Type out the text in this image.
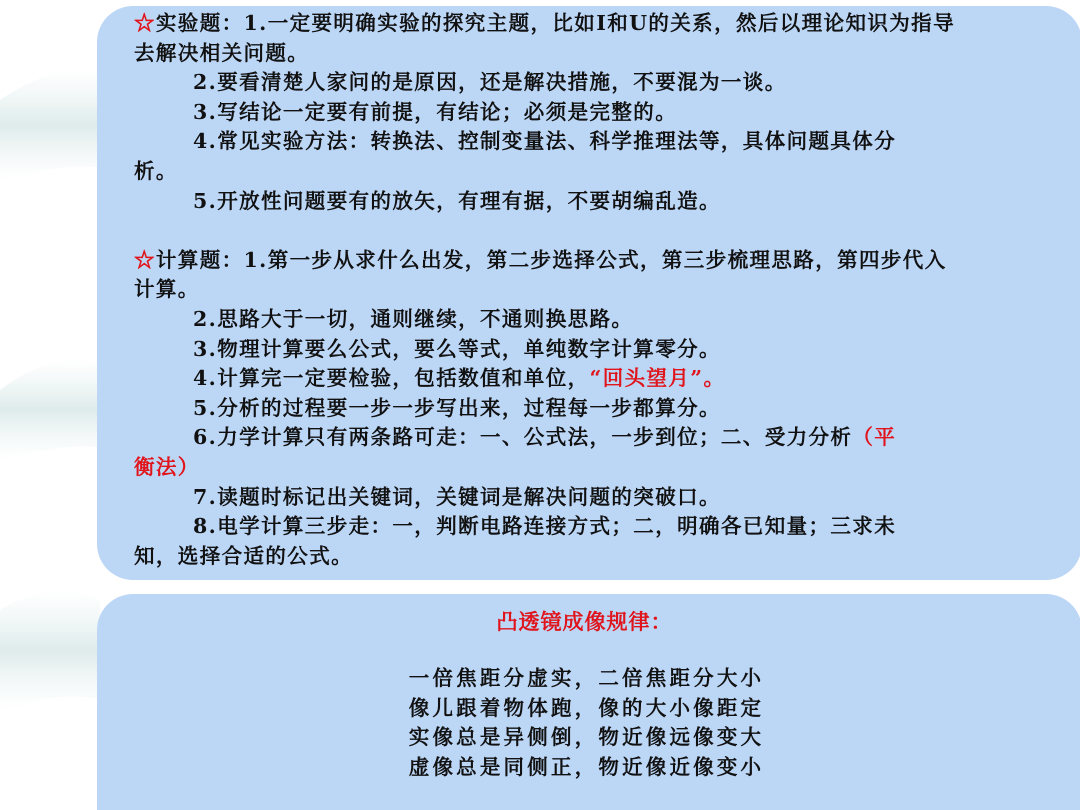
☆实验题：1.一定要明确实验的探究主题，比如I和U的关系，然后以理论知识为指导

去解决相关问题。

2.要看清楚人家问的是原因，还是解决措施，不要混为一谈。

3.写结论一定要有前提，有结论；必须是完整的。

4.常见实验方法：转换法、控制变量法、科学推理法等，具体问题具体分

析。

5.开放性问题要有的放矢，有理有据，不要胡编乱造。

☆计算题：1.第一步从求什么出发，第二步选择公式，第三步梳理思路，第四步代入

计算。

2.思路大于一切，通则继续，不通则换思路。

3.物理计算要么公式，要么等式，单纯数字计算零分。

4.计算完一定要检验，包括数值和单位，“回头望月”。

5.分析的过程要一步一步写出来，过程每一步都算分。

6.力学计算只有两条路可走：一、公式法，一步到位；二、受力分析（平

衡法）

7.读题时标记出关键词，关键词是解决问题的突破口。

8.电学计算三步走：一，判断电路连接方式；二，明确各已知量；三求未

知，选择合适的公式。

凸透镜成像规律：

一倍焦距分虚实，二倍焦距分大小

像儿跟着物体跑，像的大小像距定

实像总是异侧倒，物近像远像变大

虚像总是同侧正，物近像近像变小
